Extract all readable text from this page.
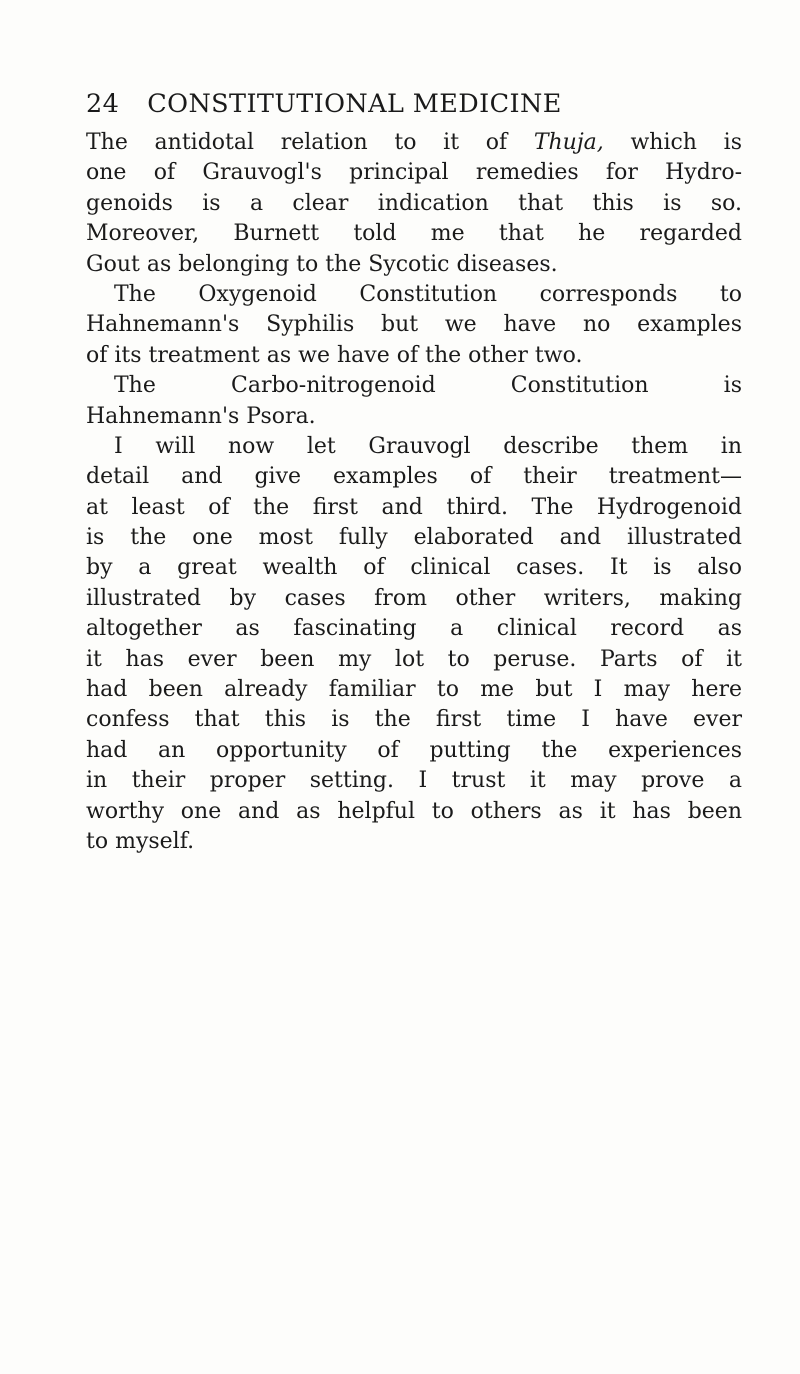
24 CONSTITUTIONAL MEDICINE
The antidotal relation to it of Thuja, which is
one of Grauvogl's principal remedies for Hydro-
genoids is a clear indication that this is so.
Moreover, Burnett told me that he regarded
Gout as belonging to the Sycotic diseases.
The Oxygenoid Constitution corresponds to
Hahnemann's Syphilis but we have no examples
of its treatment as we have of the other two.
The Carbo-nitrogenoid Constitution is
Hahnemann's Psora.
I will now let Grauvogl describe them in
detail and give examples of their treatment—
at least of the first and third. The Hydrogenoid
is the one most fully elaborated and illustrated
by a great wealth of clinical cases. It is also
illustrated by cases from other writers, making
altogether as fascinating a clinical record as
it has ever been my lot to peruse. Parts of it
had been already familiar to me but I may here
confess that this is the first time I have ever
had an opportunity of putting the experiences
in their proper setting. I trust it may prove a
worthy one and as helpful to others as it has been
to myself.
